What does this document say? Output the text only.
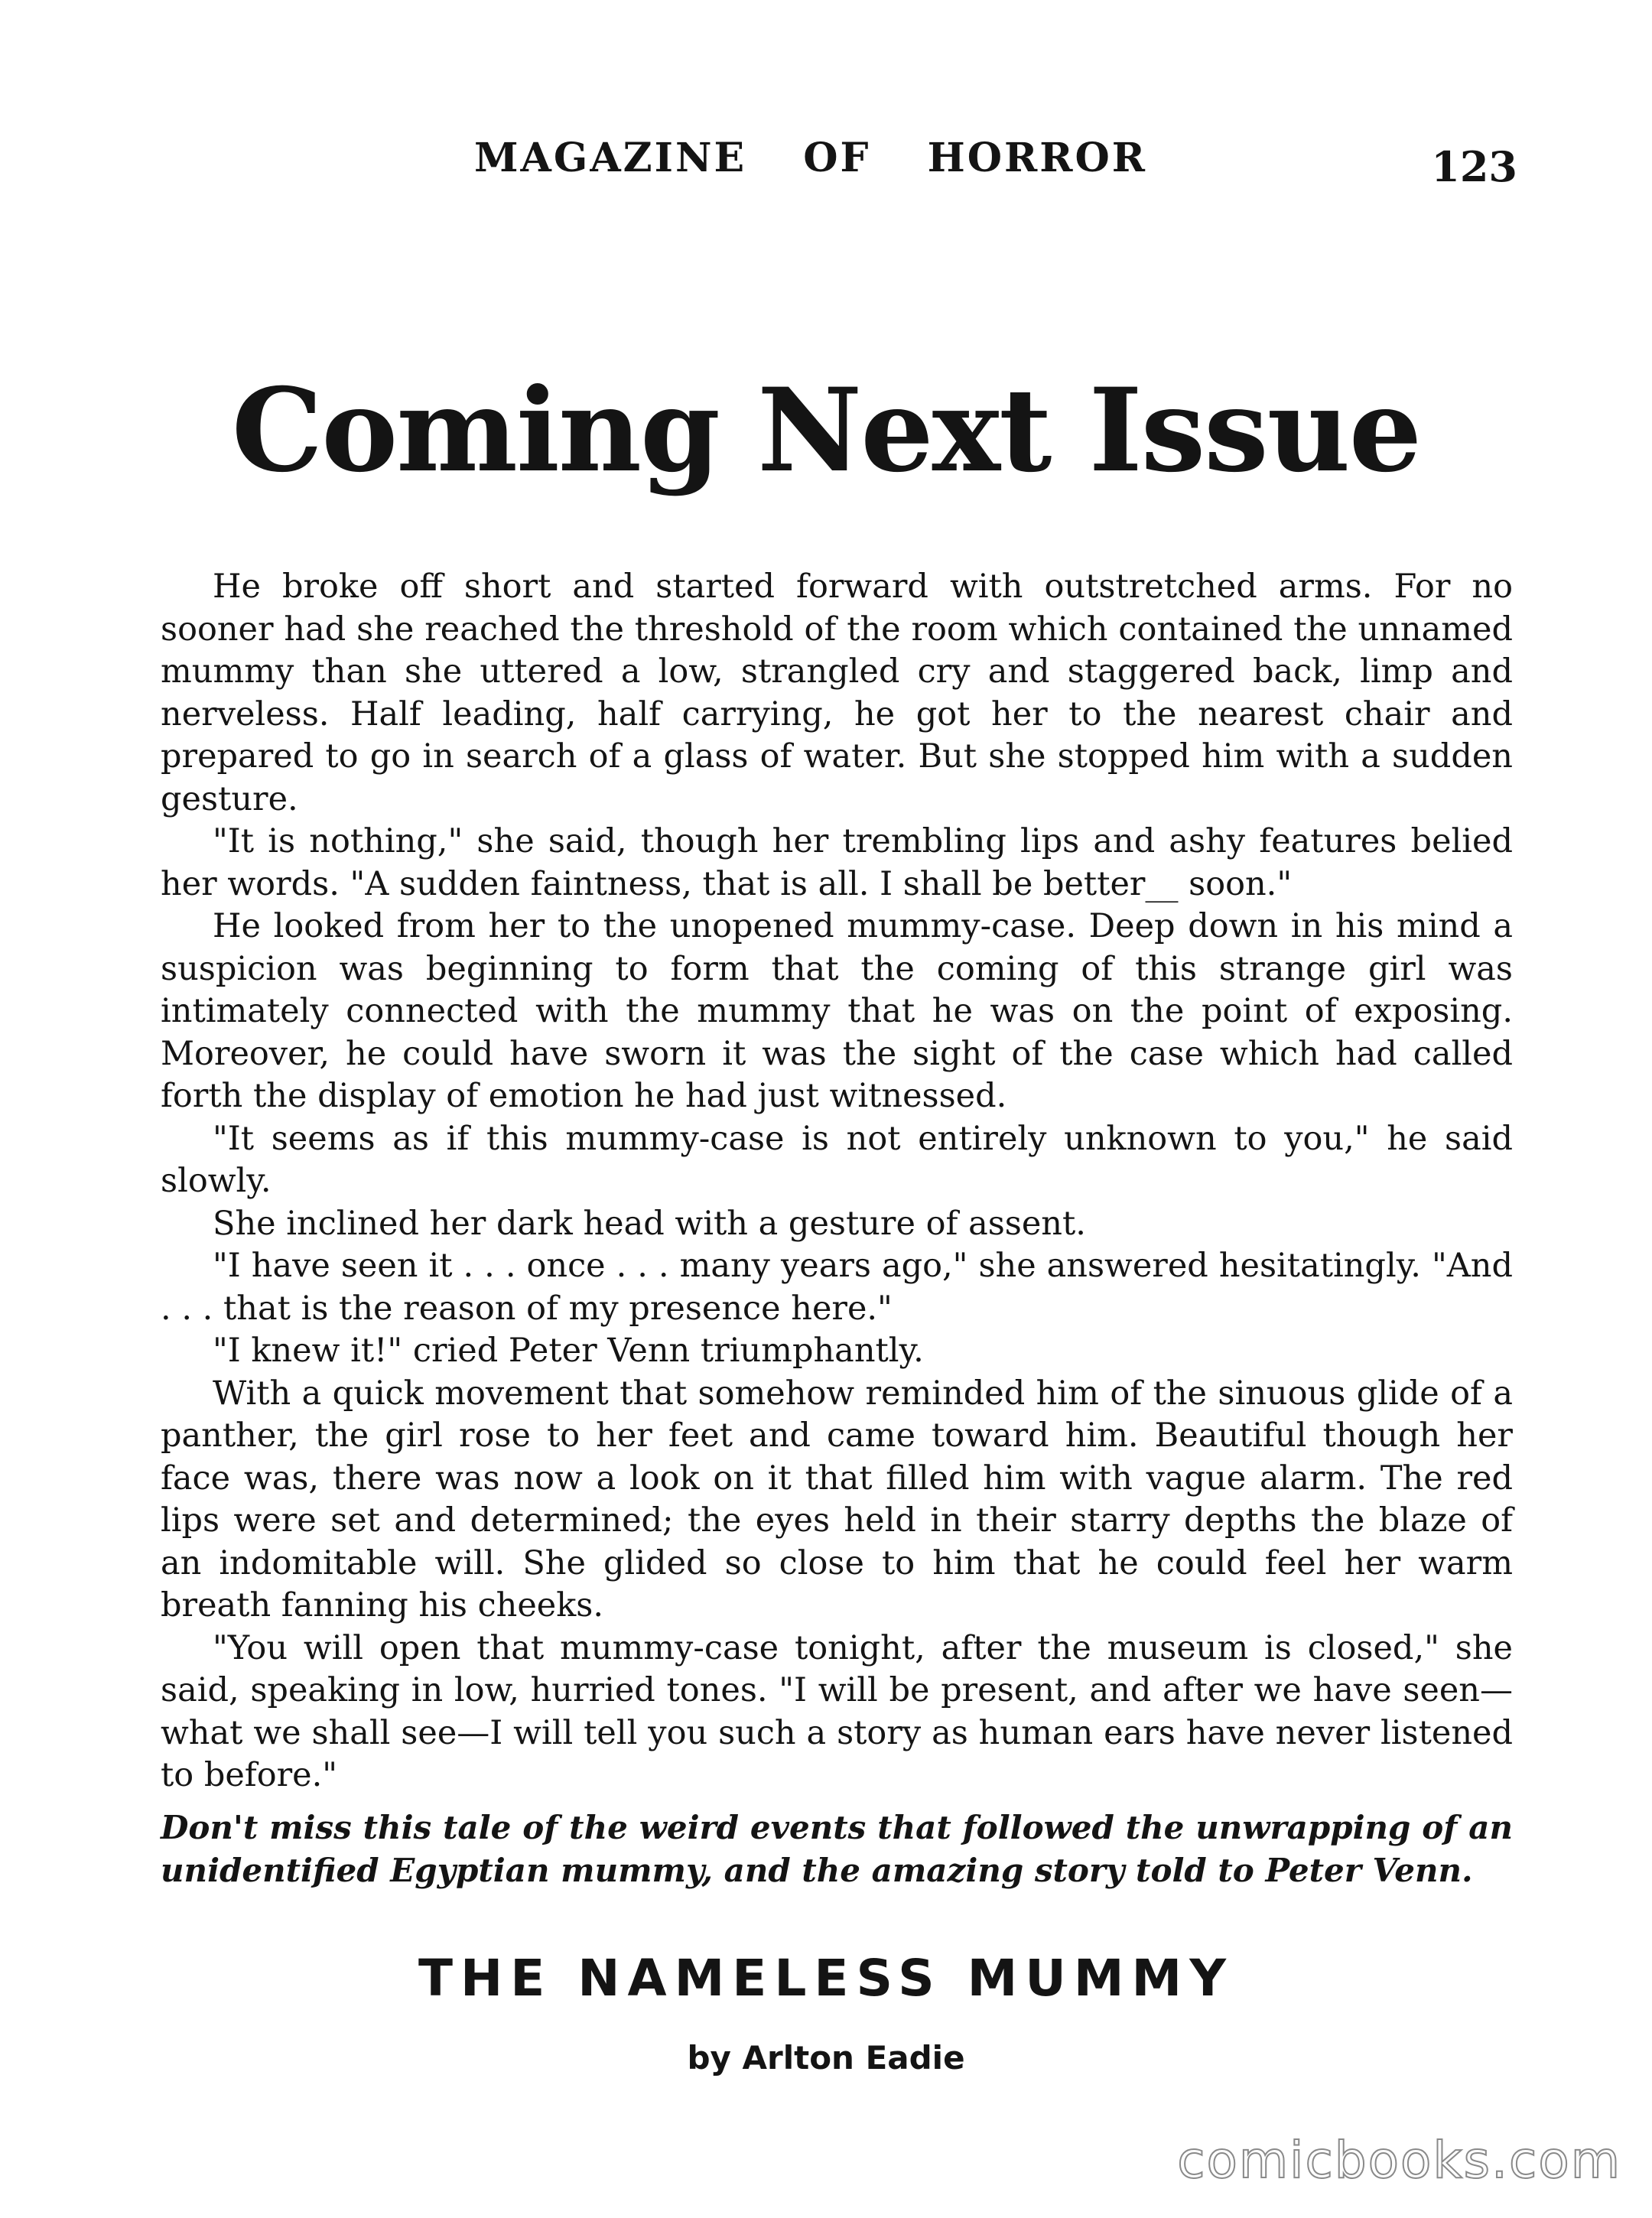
MAGAZINE OF HORROR	123
Coming Next Issue

He broke off short and started forward with outstretched arms. For no sooner had she reached the threshold of the room which contained the unnamed mummy than she uttered a low, strangled cry and staggered back, limp and nerveless. Half leading, half carrying, he got her to the nearest chair and prepared to go in search of a glass of water. But she stopped him with a sudden gesture.

"It is nothing," she said, though her trembling lips and ashy features belied her words. "A sudden faintness, that is all. I shall be better__ soon."

He looked from her to the unopened mummy-case. Deep down in his mind a suspicion was beginning to form that the coming of this strange girl was intimately connected with the mummy that he was on the point of exposing. Moreover, he could have sworn it was the sight of the case which had called forth the display of emotion he had just witnessed.

"It seems as if this mummy-case is not entirely unknown to you," he said slowly.

She inclined her dark head with a gesture of assent.

"I have seen it . . . once . . . many years ago," she answered hesitatingly. "And . . . that is the reason of my presence here."

"I knew it!" cried Peter Venn triumphantly.

With a quick movement that somehow reminded him of the sinuous glide of a panther, the girl rose to her feet and came toward him. Beautiful though her face was, there was now a look on it that filled him with vague alarm. The red lips were set and determined; the eyes held in their starry depths the blaze of an indomitable will. She glided so close to him that he could feel her warm breath fanning his cheeks.

"You will open that mummy-case tonight, after the museum is closed," she said, speaking in low, hurried tones. "I will be present, and after we have seen—what we shall see—I will tell you such a story as human ears have never listened to before."

Don't miss this tale of the weird events that followed the unwrapping of an unidentified Egyptian mummy, and the amazing story told to Peter Venn.
THE NAMELESS MUMMY
by Arlton Eadie
comicbooks.com
